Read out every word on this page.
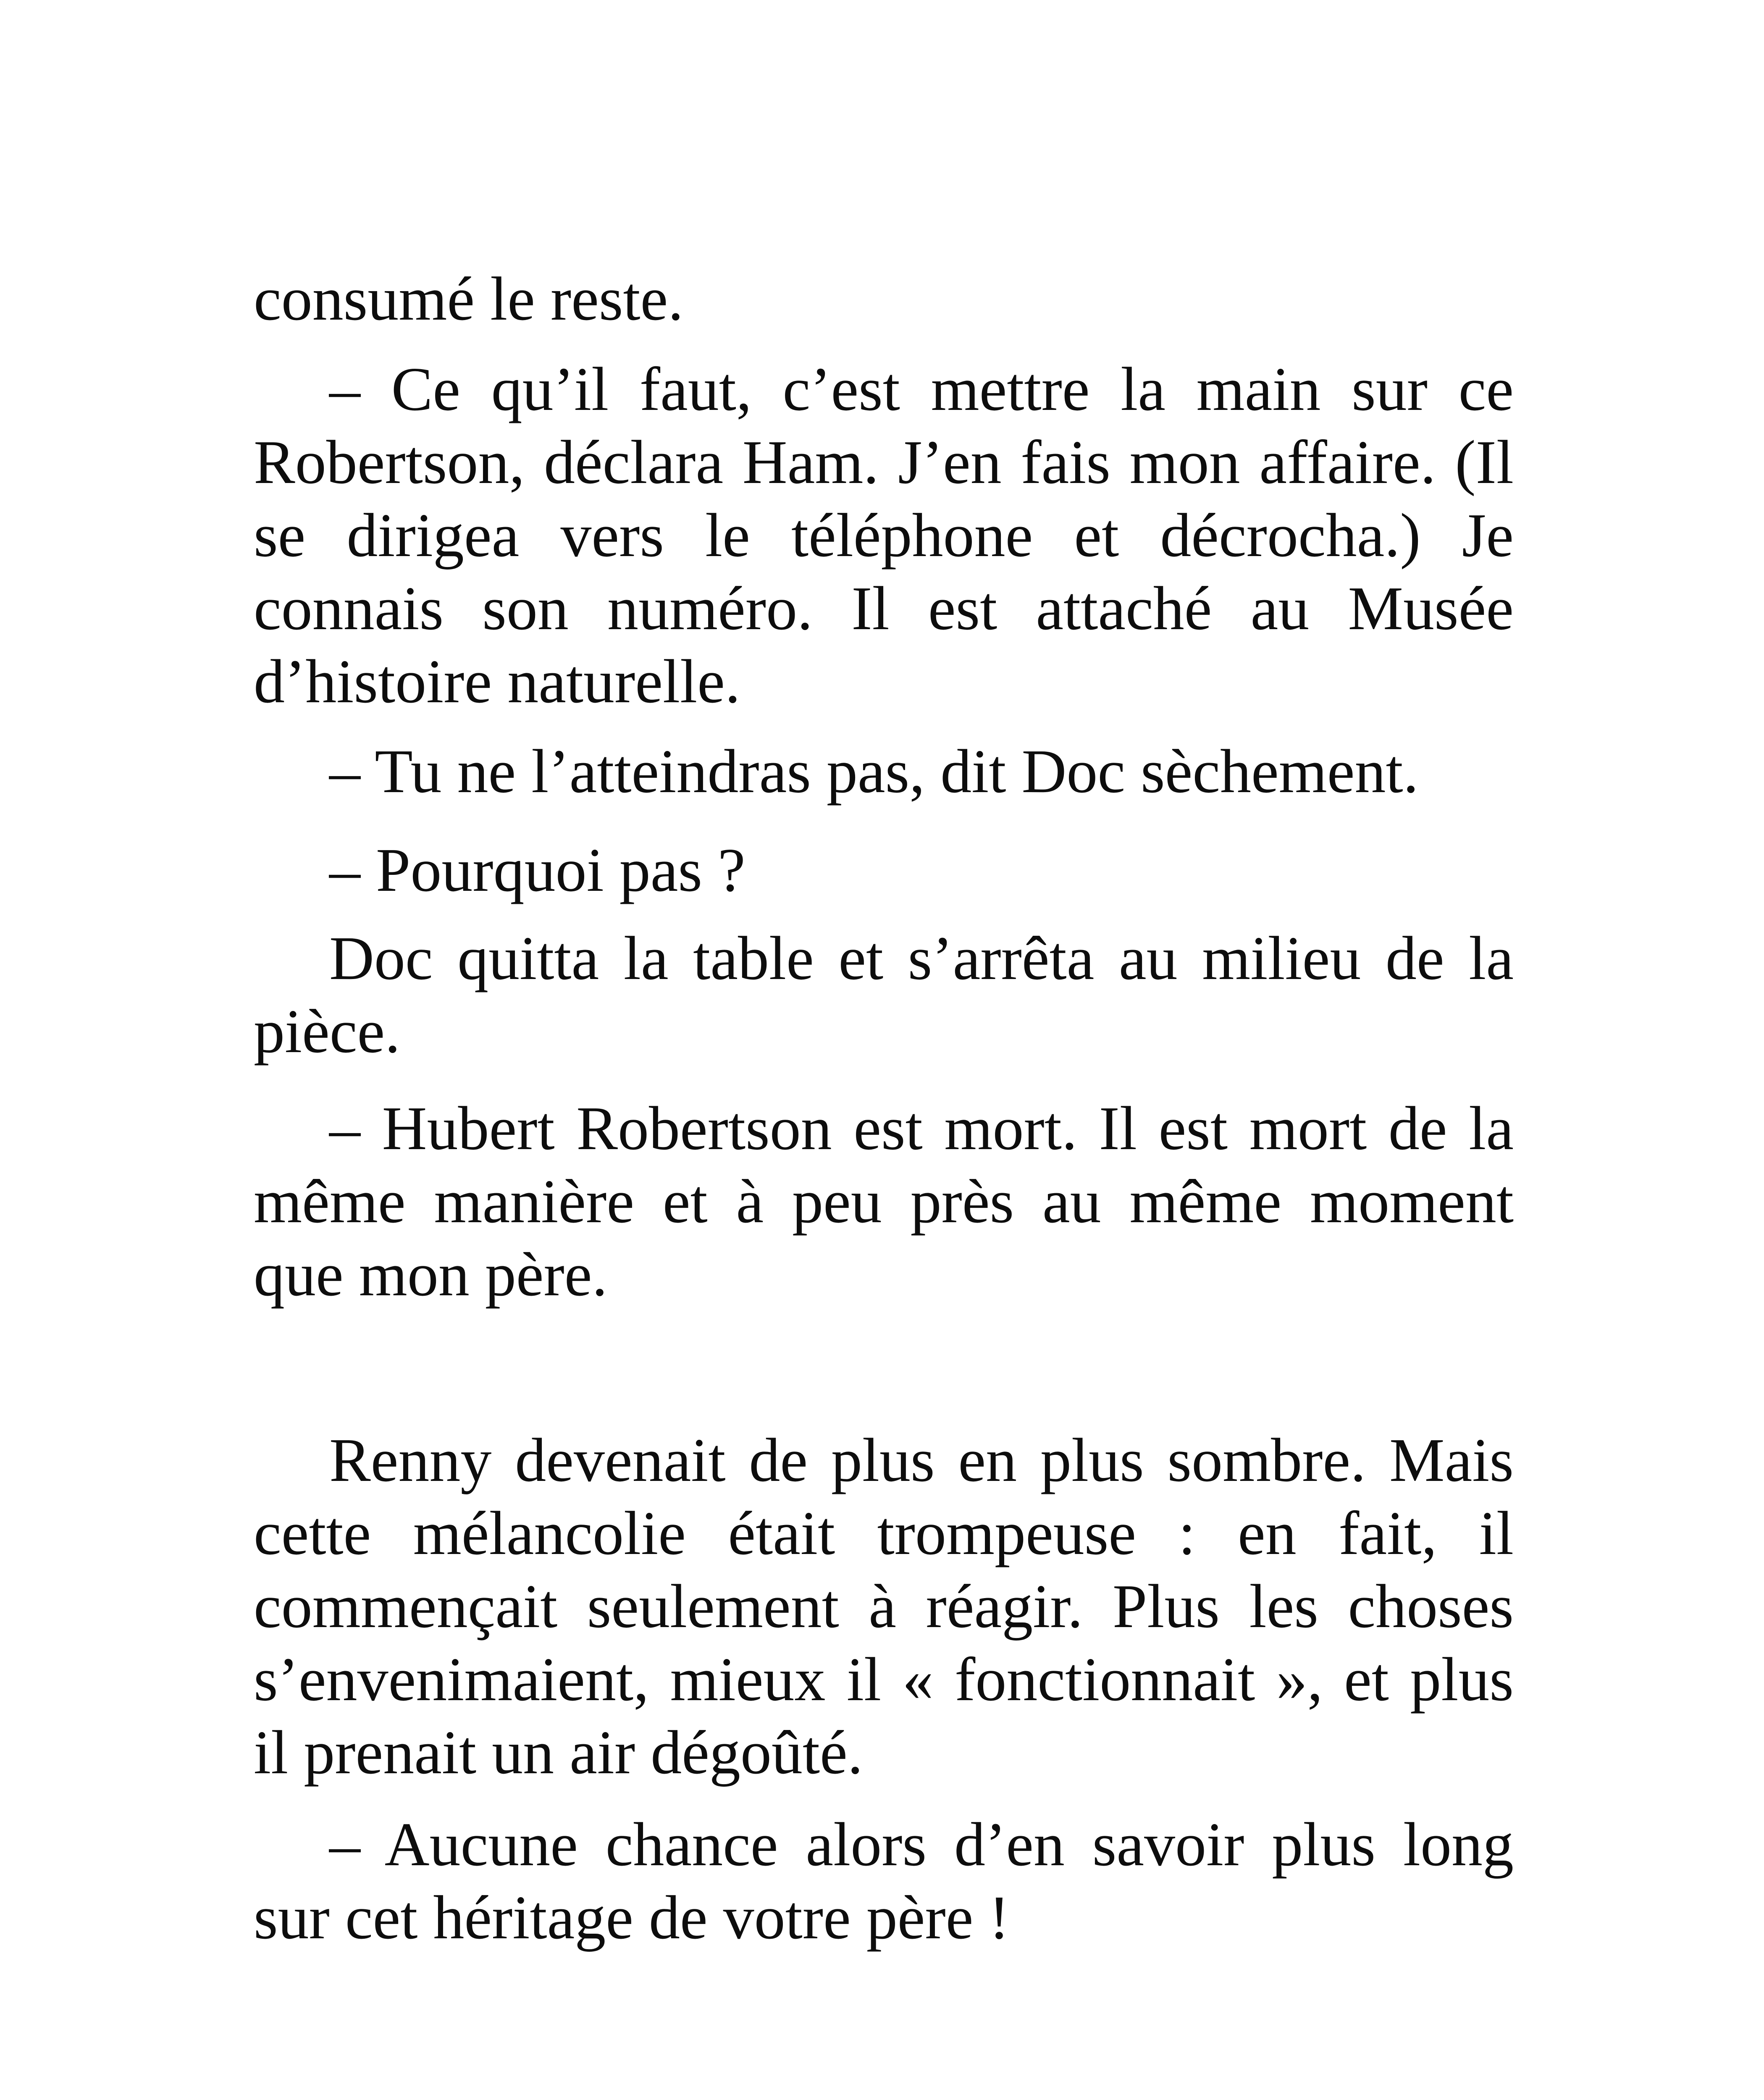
consumé le reste.

– Ce qu’il faut, c’est mettre la main sur ce Robertson, déclara Ham. J’en fais mon affaire. (Il se dirigea vers le téléphone et décrocha.) Je connais son numéro. Il est attaché au Musée d’histoire naturelle.

– Tu ne l’atteindras pas, dit Doc sèchement.

– Pourquoi pas ?

Doc quitta la table et s’arrêta au milieu de la pièce.

– Hubert Robertson est mort. Il est mort de la même manière et à peu près au même moment que mon père.

Renny devenait de plus en plus sombre. Mais cette mélancolie était trompeuse : en fait, il commençait seulement à réagir. Plus les choses s’envenimaient, mieux il « fonctionnait », et plus il prenait un air dégoûté.

– Aucune chance alors d’en savoir plus long sur cet héritage de votre père !
